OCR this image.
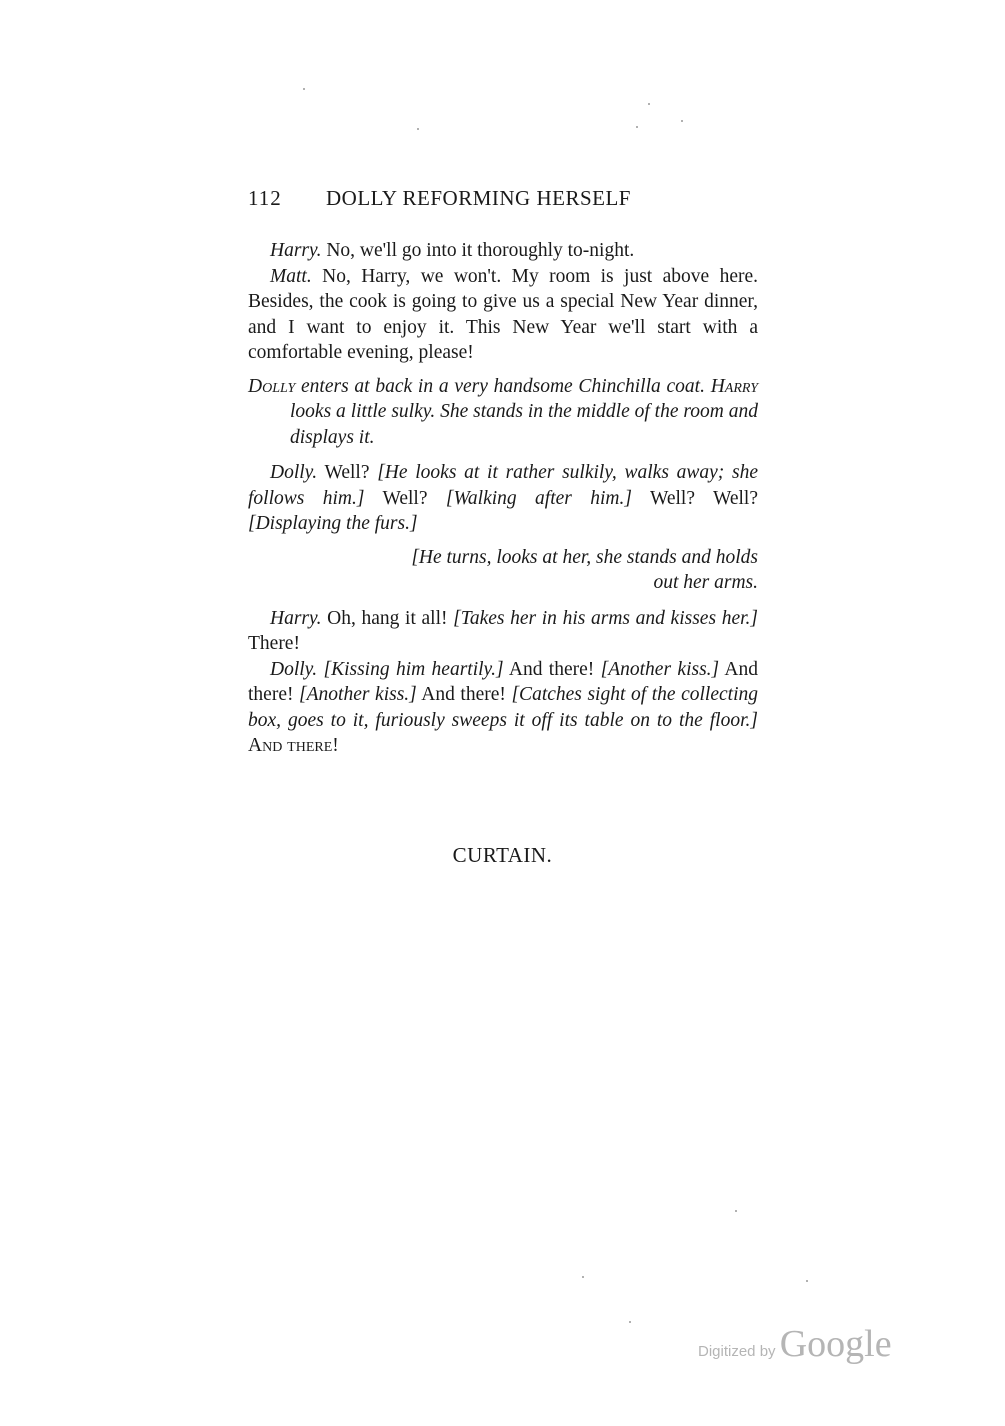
112 DOLLY REFORMING HERSELF

Harry. No, we'll go into it thoroughly to-night.

Matt. No, Harry, we won't. My room is just above here. Besides, the cook is going to give us a special New Year dinner, and I want to enjoy it. This New Year we'll start with a comfortable evening, please!

Dolly enters at back in a very handsome Chinchilla coat. Harry looks a little sulky. She stands in the middle of the room and displays it.

Dolly. Well? [He looks at it rather sulkily, walks away; she follows him.] Well? [Walking after him.] Well? Well? [Displaying the furs.]

[He turns, looks at her, she stands and holds
out her arms.

Harry. Oh, hang it all! [Takes her in his arms and kisses her.] There!

Dolly. [Kissing him heartily.] And there! [Another kiss.] And there! [Another kiss.] And there! [Catches sight of the collecting box, goes to it, furiously sweeps it off its table on to the floor.] And there!

CURTAIN.
Digitized by Google
